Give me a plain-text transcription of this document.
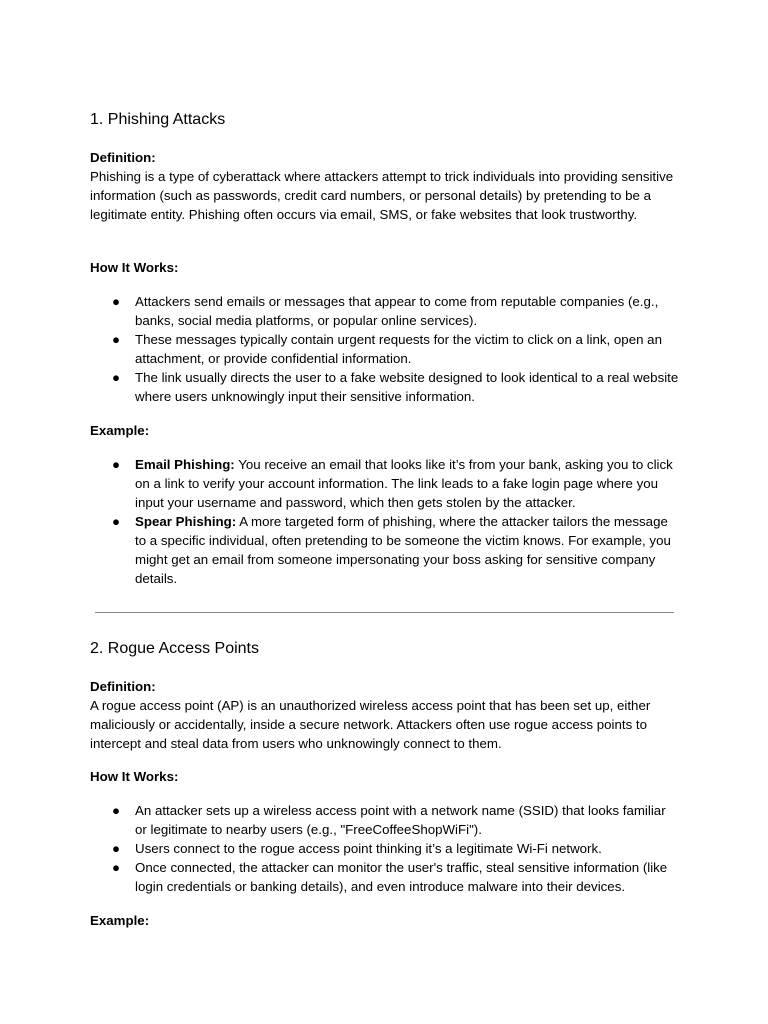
1. Phishing Attacks
Definition:
Phishing is a type of cyberattack where attackers attempt to trick individuals into providing sensitive information (such as passwords, credit card numbers, or personal details) by pretending to be a legitimate entity. Phishing often occurs via email, SMS, or fake websites that look trustworthy.
How It Works:
● Attackers send emails or messages that appear to come from reputable companies (e.g., banks, social media platforms, or popular online services).
● These messages typically contain urgent requests for the victim to click on a link, open an attachment, or provide confidential information.
● The link usually directs the user to a fake website designed to look identical to a real website where users unknowingly input their sensitive information.
Example:
● Email Phishing: You receive an email that looks like it’s from your bank, asking you to click on a link to verify your account information. The link leads to a fake login page where you input your username and password, which then gets stolen by the attacker.
● Spear Phishing: A more targeted form of phishing, where the attacker tailors the message to a specific individual, often pretending to be someone the victim knows. For example, you might get an email from someone impersonating your boss asking for sensitive company details.
2. Rogue Access Points
Definition:
A rogue access point (AP) is an unauthorized wireless access point that has been set up, either maliciously or accidentally, inside a secure network. Attackers often use rogue access points to intercept and steal data from users who unknowingly connect to them.
How It Works:
● An attacker sets up a wireless access point with a network name (SSID) that looks familiar or legitimate to nearby users (e.g., "FreeCoffeeShopWiFi").
● Users connect to the rogue access point thinking it’s a legitimate Wi-Fi network.
● Once connected, the attacker can monitor the user's traffic, steal sensitive information (like login credentials or banking details), and even introduce malware into their devices.
Example:
